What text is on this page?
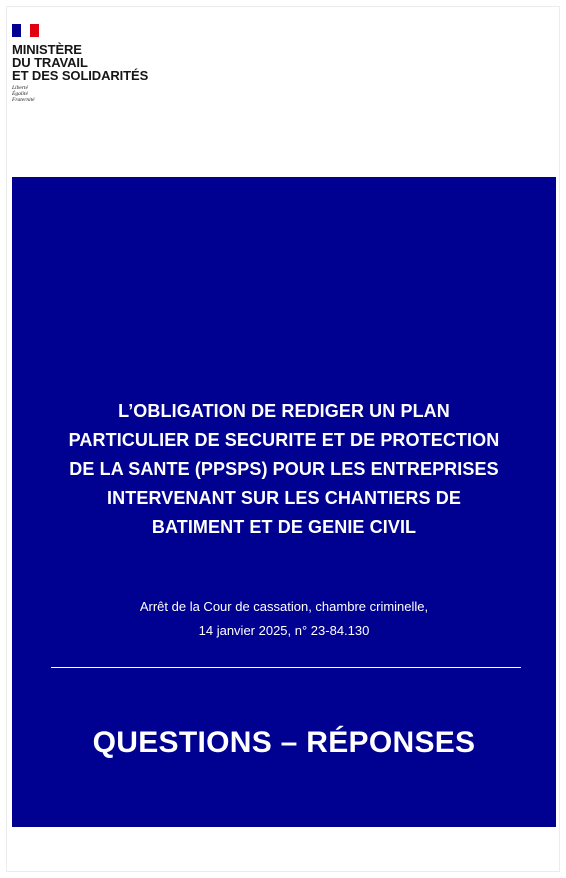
MINISTÈRE
DU TRAVAIL
ET DES SOLIDARITÉS
Liberté
Égalité
Fraternité
L’OBLIGATION DE REDIGER UN PLAN
PARTICULIER DE SECURITE ET DE PROTECTION
DE LA SANTE (PPSPS) POUR LES ENTREPRISES
INTERVENANT SUR LES CHANTIERS DE
BATIMENT ET DE GENIE CIVIL
Arrêt de la Cour de cassation, chambre criminelle,
14 janvier 2025, n° 23-84.130
QUESTIONS – RÉPONSES
